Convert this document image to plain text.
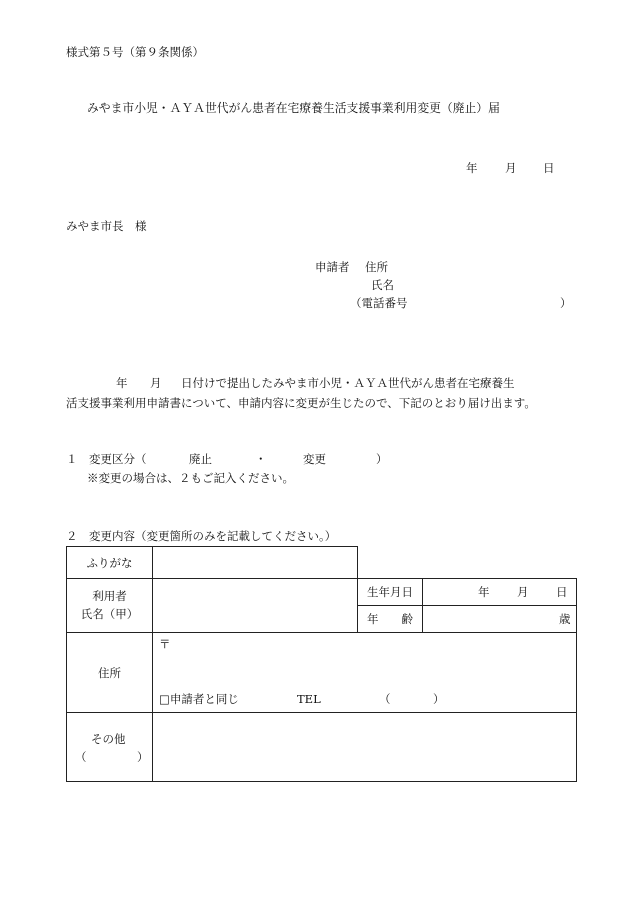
様式第５号（第９条関係）
みやま市小児・ＡＹＡ世代がん患者在宅療養生活支援事業利用変更（廃止）届
年 月 日
みやま市長　様
申請者 住所
氏名
（電話番号	）
年 月 日付けで提出したみやま市小児・ＡＹＡ世代がん患者在宅療養生
活支援事業利用申請書について、申請内容に変更が生じたので、下記のとおり届け出ます。
１　変更区分（	廃止	・	変更	）
※変更の場合は、２もご記入ください。
２　変更内容（変更箇所のみを記載してください。）
ふりがな			
利用者
氏名（甲）		生年月日	年 月 日

		年　　齢	歳

住所	〒
□申請者と同じ TEL （ ）		

その他
（ ）			
